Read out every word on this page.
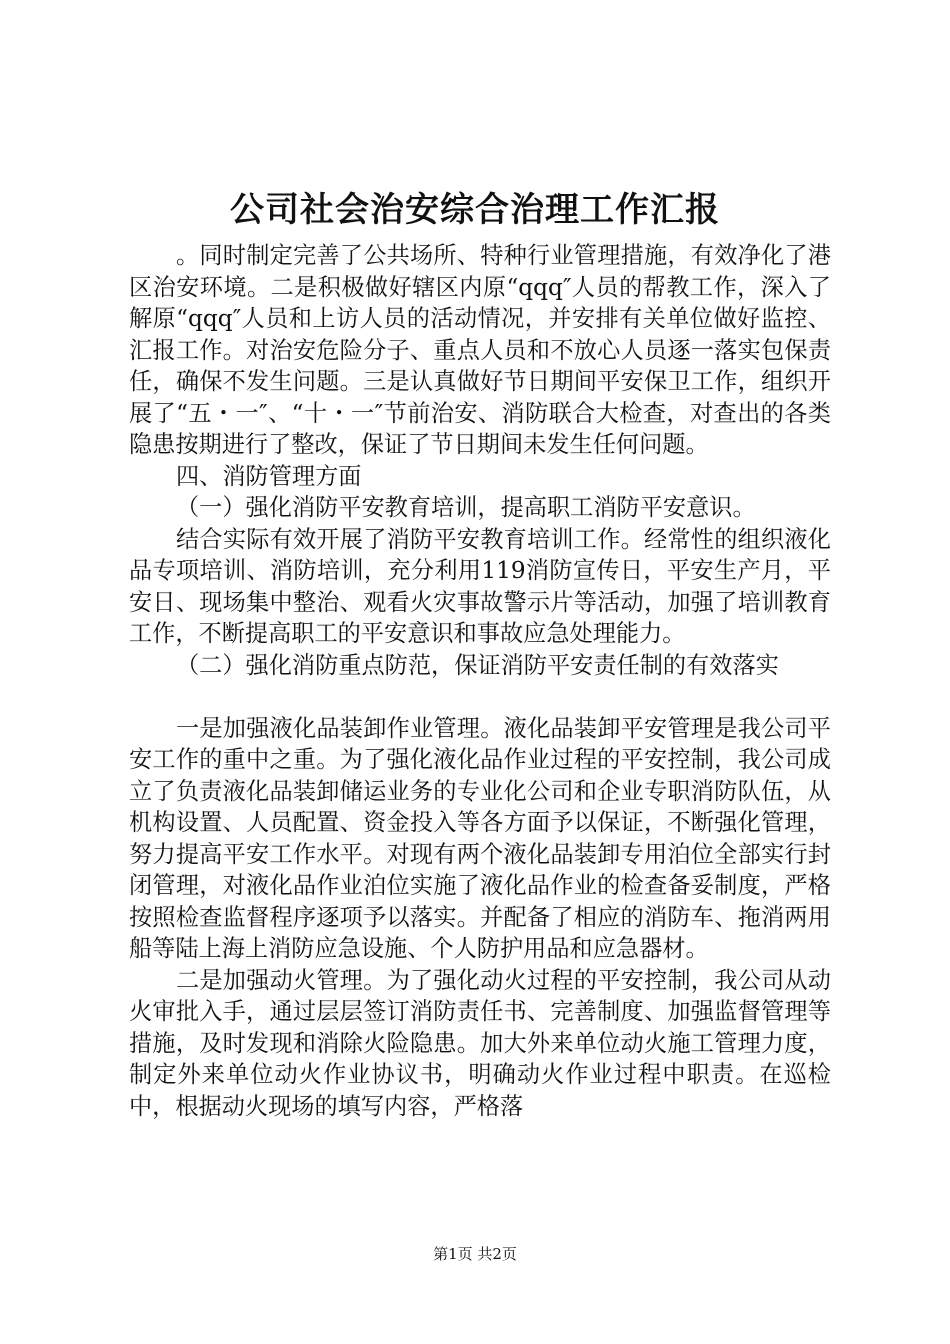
公司社会治安综合治理工作汇报

。同时制定完善了公共场所、特种行业管理措施，有效净化了港区治安环境。二是积极做好辖区内原“qqq″人员的帮教工作，深入了解原“qqq″人员和上访人员的活动情况，并安排有关单位做好监控、汇报工作。对治安危险分子、重点人员和不放心人员逐一落实包保责任，确保不发生问题。三是认真做好节日期间平安保卫工作，组织开展了“五・一″、“十・一″节前治安、消防联合大检查，对查出的各类隐患按期进行了整改，保证了节日期间未发生任何问题。

四、消防管理方面

（一）强化消防平安教育培训，提高职工消防平安意识。

结合实际有效开展了消防平安教育培训工作。经常性的组织液化品专项培训、消防培训，充分利用119消防宣传日，平安生产月，平安日、现场集中整治、观看火灾事故警示片等活动，加强了培训教育工作，不断提高职工的平安意识和事故应急处理能力。

（二）强化消防重点防范，保证消防平安责任制的有效落实

一是加强液化品装卸作业管理。液化品装卸平安管理是我公司平安工作的重中之重。为了强化液化品作业过程的平安控制，我公司成立了负责液化品装卸储运业务的专业化公司和企业专职消防队伍，从机构设置、人员配置、资金投入等各方面予以保证，不断强化管理，努力提高平安工作水平。对现有两个液化品装卸专用泊位全部实行封闭管理，对液化品作业泊位实施了液化品作业的检查备妥制度，严格按照检查监督程序逐项予以落实。并配备了相应的消防车、拖消两用船等陆上海上消防应急设施、个人防护用品和应急器材。

二是加强动火管理。为了强化动火过程的平安控制，我公司从动火审批入手，通过层层签订消防责任书、完善制度、加强监督管理等措施，及时发现和消除火险隐患。加大外来单位动火施工管理力度，制定外来单位动火作业协议书，明确动火作业过程中职责。在巡检中，根据动火现场的填写内容，严格落

第1页 共2页
